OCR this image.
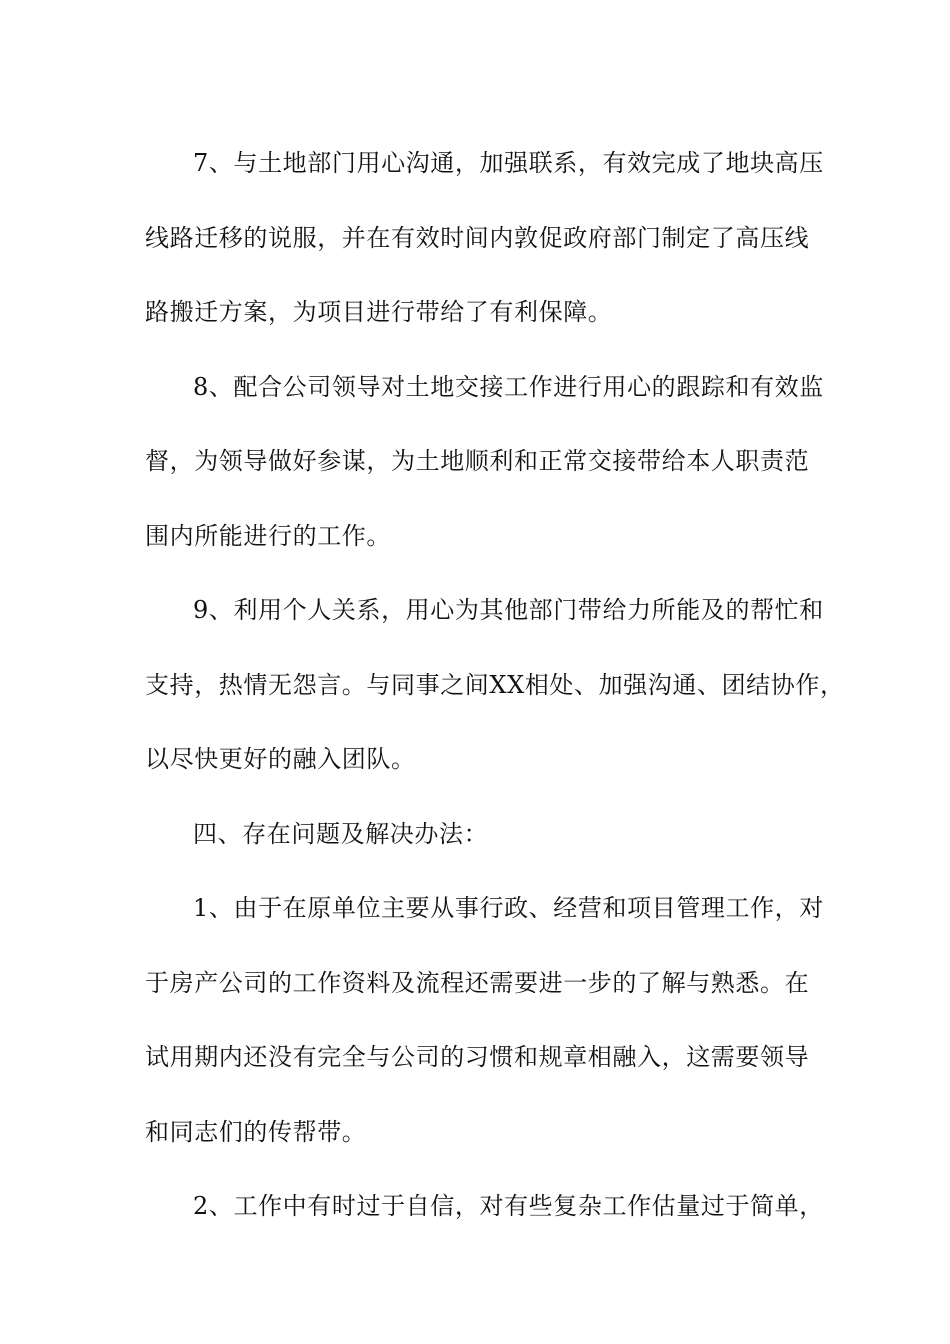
7、与土地部门用心沟通，加强联系，有效完成了地块高压
线路迁移的说服，并在有效时间内敦促政府部门制定了高压线
路搬迁方案，为项目进行带给了有利保障。

8、配合公司领导对土地交接工作进行用心的跟踪和有效监
督，为领导做好参谋，为土地顺利和正常交接带给本人职责范
围内所能进行的工作。

9、利用个人关系，用心为其他部门带给力所能及的帮忙和
支持，热情无怨言。与同事之间XX相处、加强沟通、团结协作，
以尽快更好的融入团队。

四、存在问题及解决办法：

1、由于在原单位主要从事行政、经营和项目管理工作，对
于房产公司的工作资料及流程还需要进一步的了解与熟悉。在
试用期内还没有完全与公司的习惯和规章相融入，这需要领导
和同志们的传帮带。

2、工作中有时过于自信，对有些复杂工作估量过于简单，
